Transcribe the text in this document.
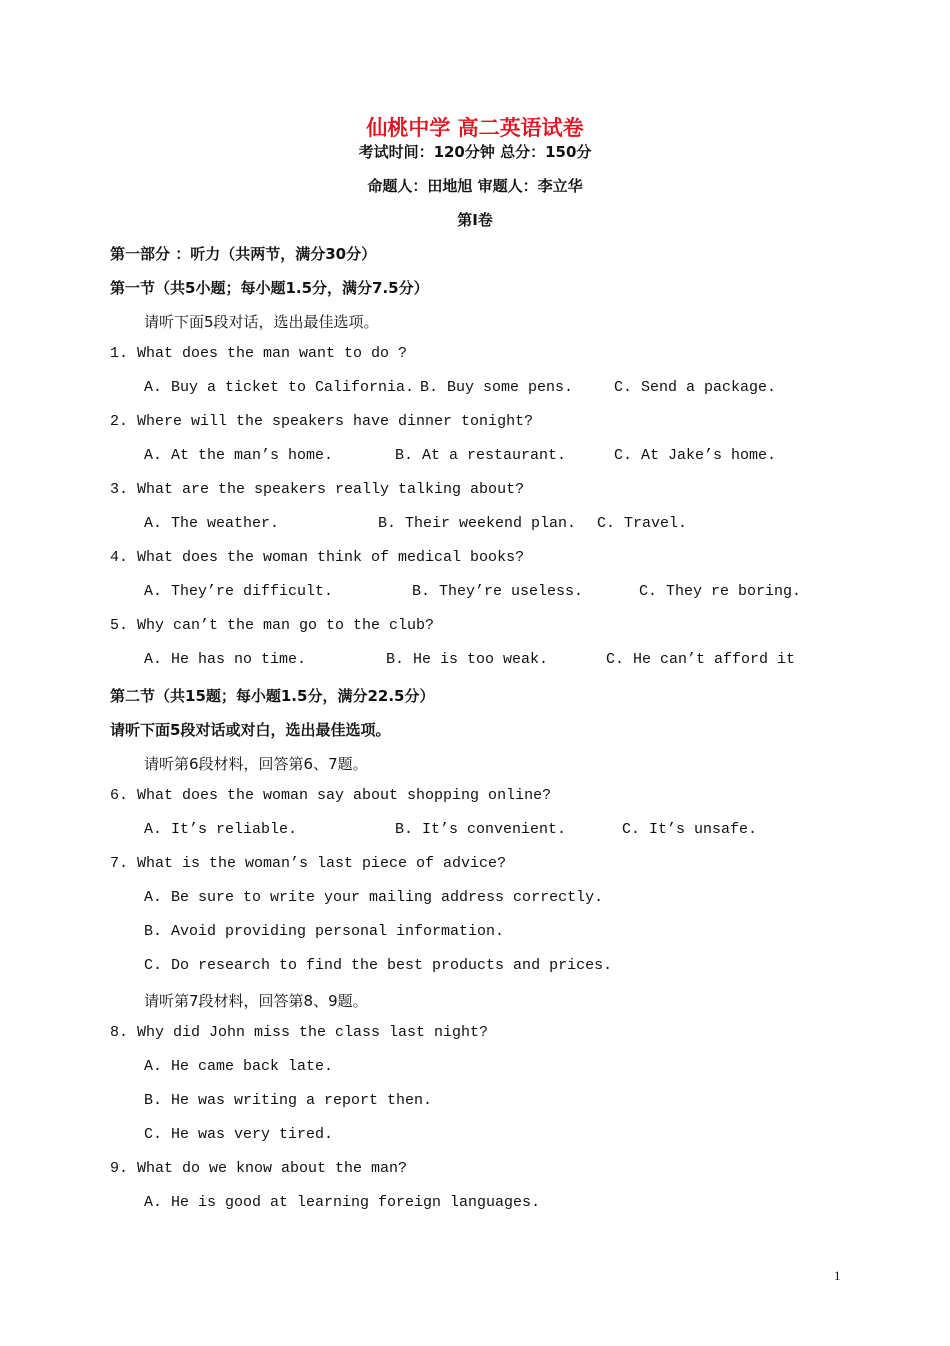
仙桃中学 高二英语试卷
考试时间：120分钟 总分：150分
命题人：田地旭 审题人：李立华
第Ⅰ卷
第一部分 ：听力（共两节，满分30分）
第一节（共5小题；每小题1.5分，满分7.5分）
请听下面5段对话，选出最佳选项。
1. What does the man want to do ?
A. Buy a ticket to California. B. Buy some pens.	C. Send a package.
2. Where will the speakers have dinner tonight?
A. At the man’s home.	B. At a restaurant.	C. At Jake’s home.
3. What are the speakers really talking about?
A. The weather.	B. Their weekend plan. C. Travel.
4. What does the woman think of medical books?
A. They’re difficult.	B. They’re useless.	C. They re boring.
5. Why can’t the man go to the club?
A. He has no time.	B. He is too weak.	C. He can’t afford it
第二节（共15题；每小题1.5分，满分22.5分）
请听下面5段对话或对白，选出最佳选项。
请听第6段材料，回答第6、7题。
6. What does the woman say about shopping online?
A. It’s reliable.	B. It’s convenient.	C. It’s unsafe.
7. What is the woman’s last piece of advice?
A. Be sure to write your mailing address correctly.
B. Avoid providing personal information.
C. Do research to find the best products and prices.
请听第7段材料，回答第8、9题。
8. Why did John miss the class last night?
A. He came back late.
B. He was writing a report then.
C. He was very tired.
9. What do we know about the man?
A. He is good at learning foreign languages.
1
